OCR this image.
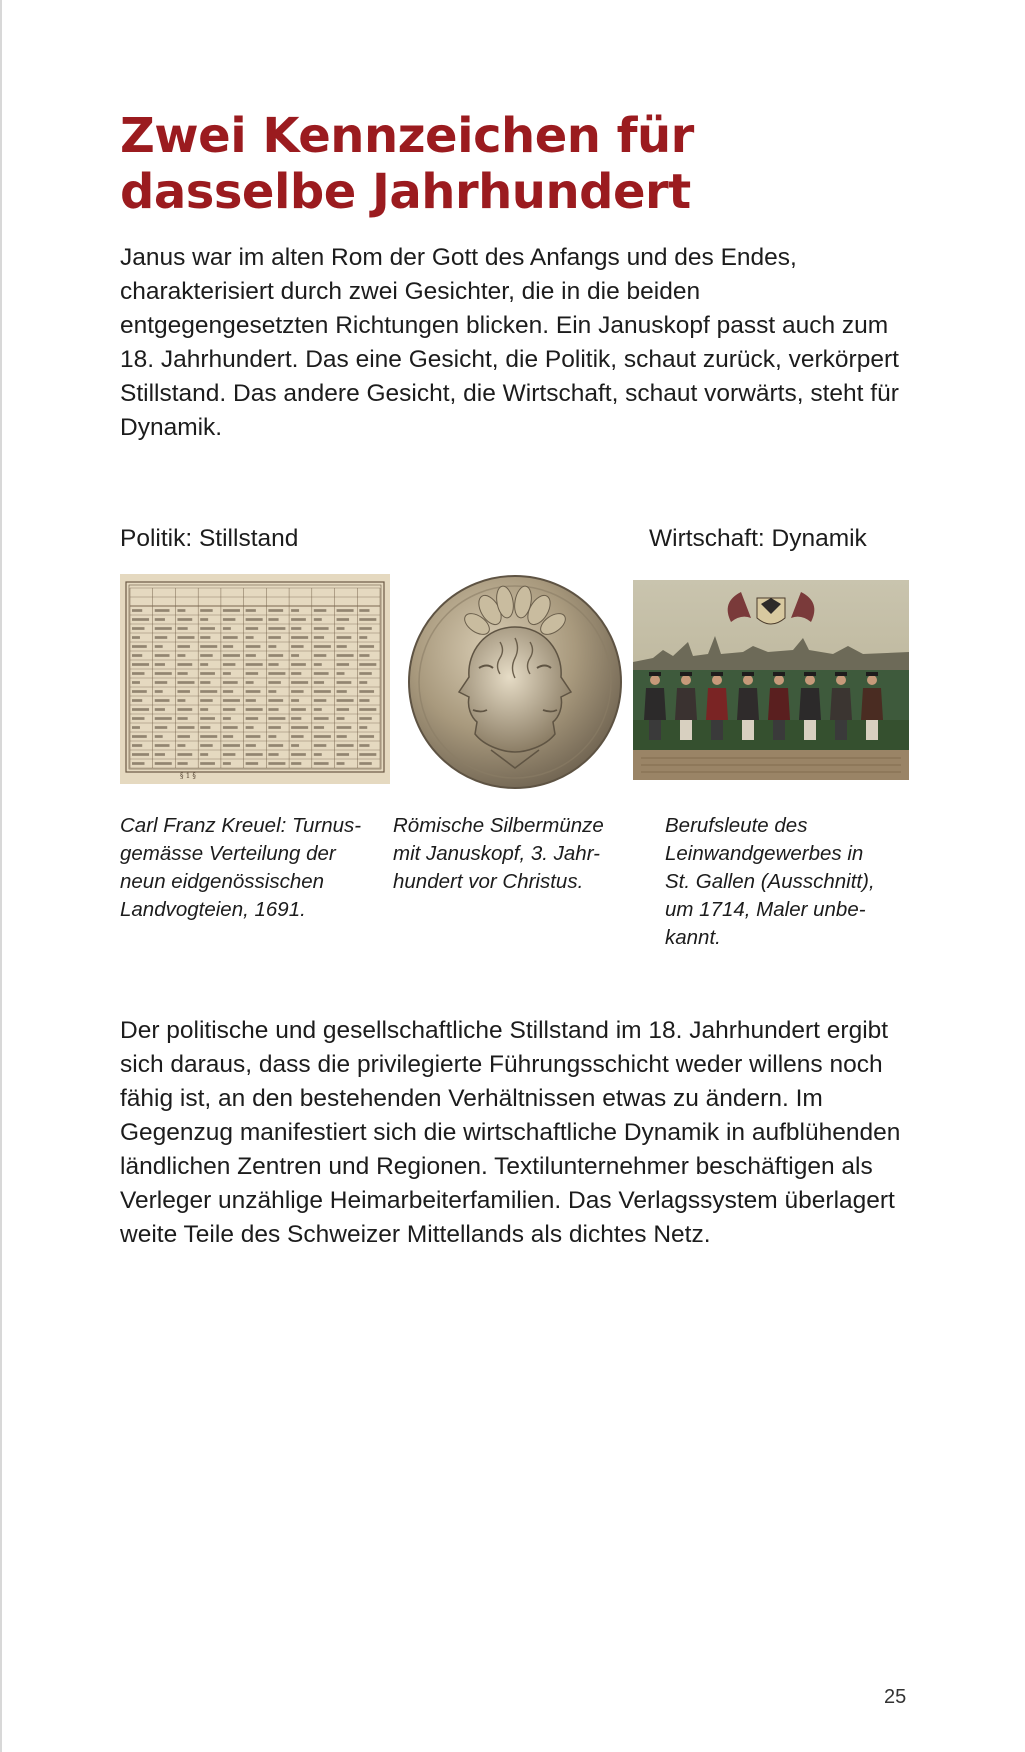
Zwei Kennzeichen für
dasselbe Jahrhundert

Janus war im alten Rom der Gott des Anfangs und des Endes, charakterisiert durch zwei Gesichter, die in die beiden entgegengesetzten Richtungen blicken. Ein Januskopf passt auch zum 18. Jahrhundert. Das eine Gesicht, die Politik, schaut zurück, verkörpert Stillstand. Das andere Gesicht, die Wirtschaft, schaut vorwärts, steht für Dynamik.

Politik: Stillstand	Wirtschaft: Dynamik

§ 1 §

Carl Franz Kreuel: Turnus-
gemässe Verteilung der
neun eidgenössischen
Landvogteien, 1691.

Römische Silbermünze
mit Januskopf, 3. Jahr-
hundert vor Christus.

Berufsleute des
Leinwandgewerbes in
St. Gallen (Ausschnitt),
um 1714, Maler unbe-
kannt.

Der politische und gesellschaftliche Stillstand im 18. Jahrhundert ergibt sich daraus, dass die privilegierte Führungsschicht weder willens noch fähig ist, an den bestehenden Verhältnissen etwas zu ändern. Im Gegenzug manifestiert sich die wirtschaftliche Dynamik in aufblühenden ländlichen Zentren und Regionen. Textilunternehmer beschäftigen als Verleger unzählige Heimarbeiterfamilien. Das Verlagssystem überlagert weite Teile des Schweizer Mittellands als dichtes Netz.

25
